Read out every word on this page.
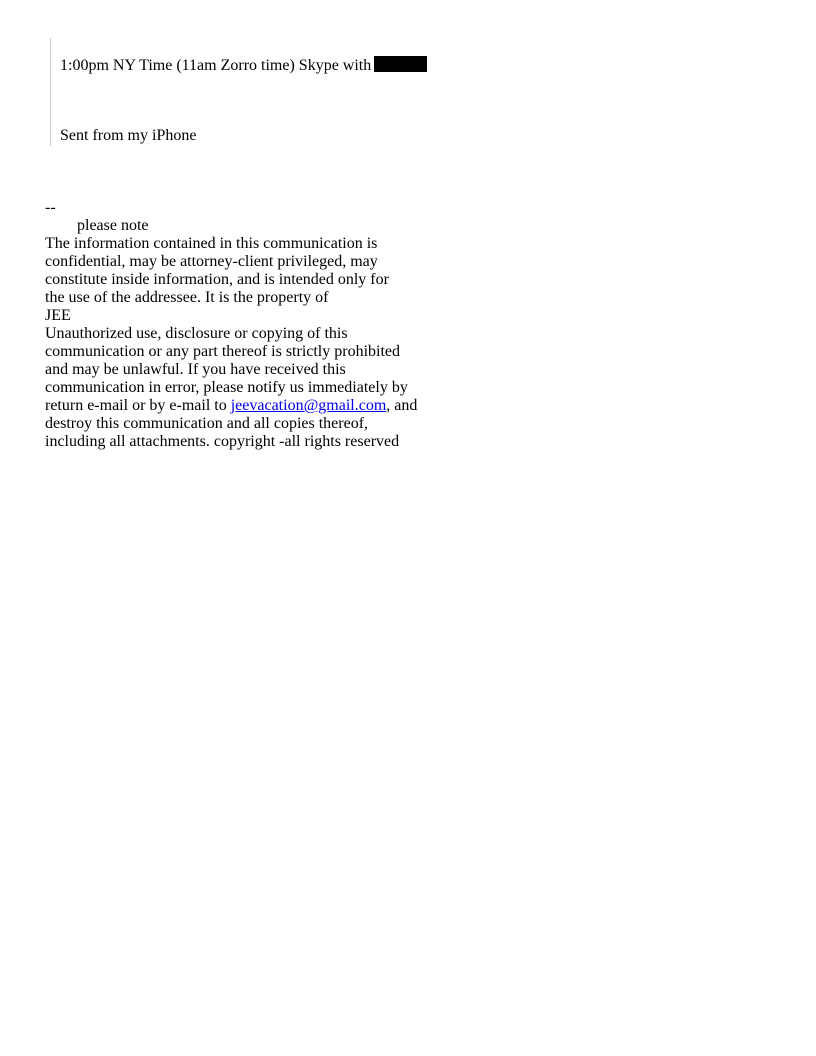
1:00pm NY Time (11am Zorro time) Skype with
Sent from my iPhone
--
please note
The information contained in this communication is
confidential, may be attorney-client privileged, may
constitute inside information, and is intended only for
the use of the addressee. It is the property of
JEE
Unauthorized use, disclosure or copying of this
communication or any part thereof is strictly prohibited
and may be unlawful. If you have received this
communication in error, please notify us immediately by
return e-mail or by e-mail to jeevacation@gmail.com, and
destroy this communication and all copies thereof,
including all attachments. copyright -all rights reserved
